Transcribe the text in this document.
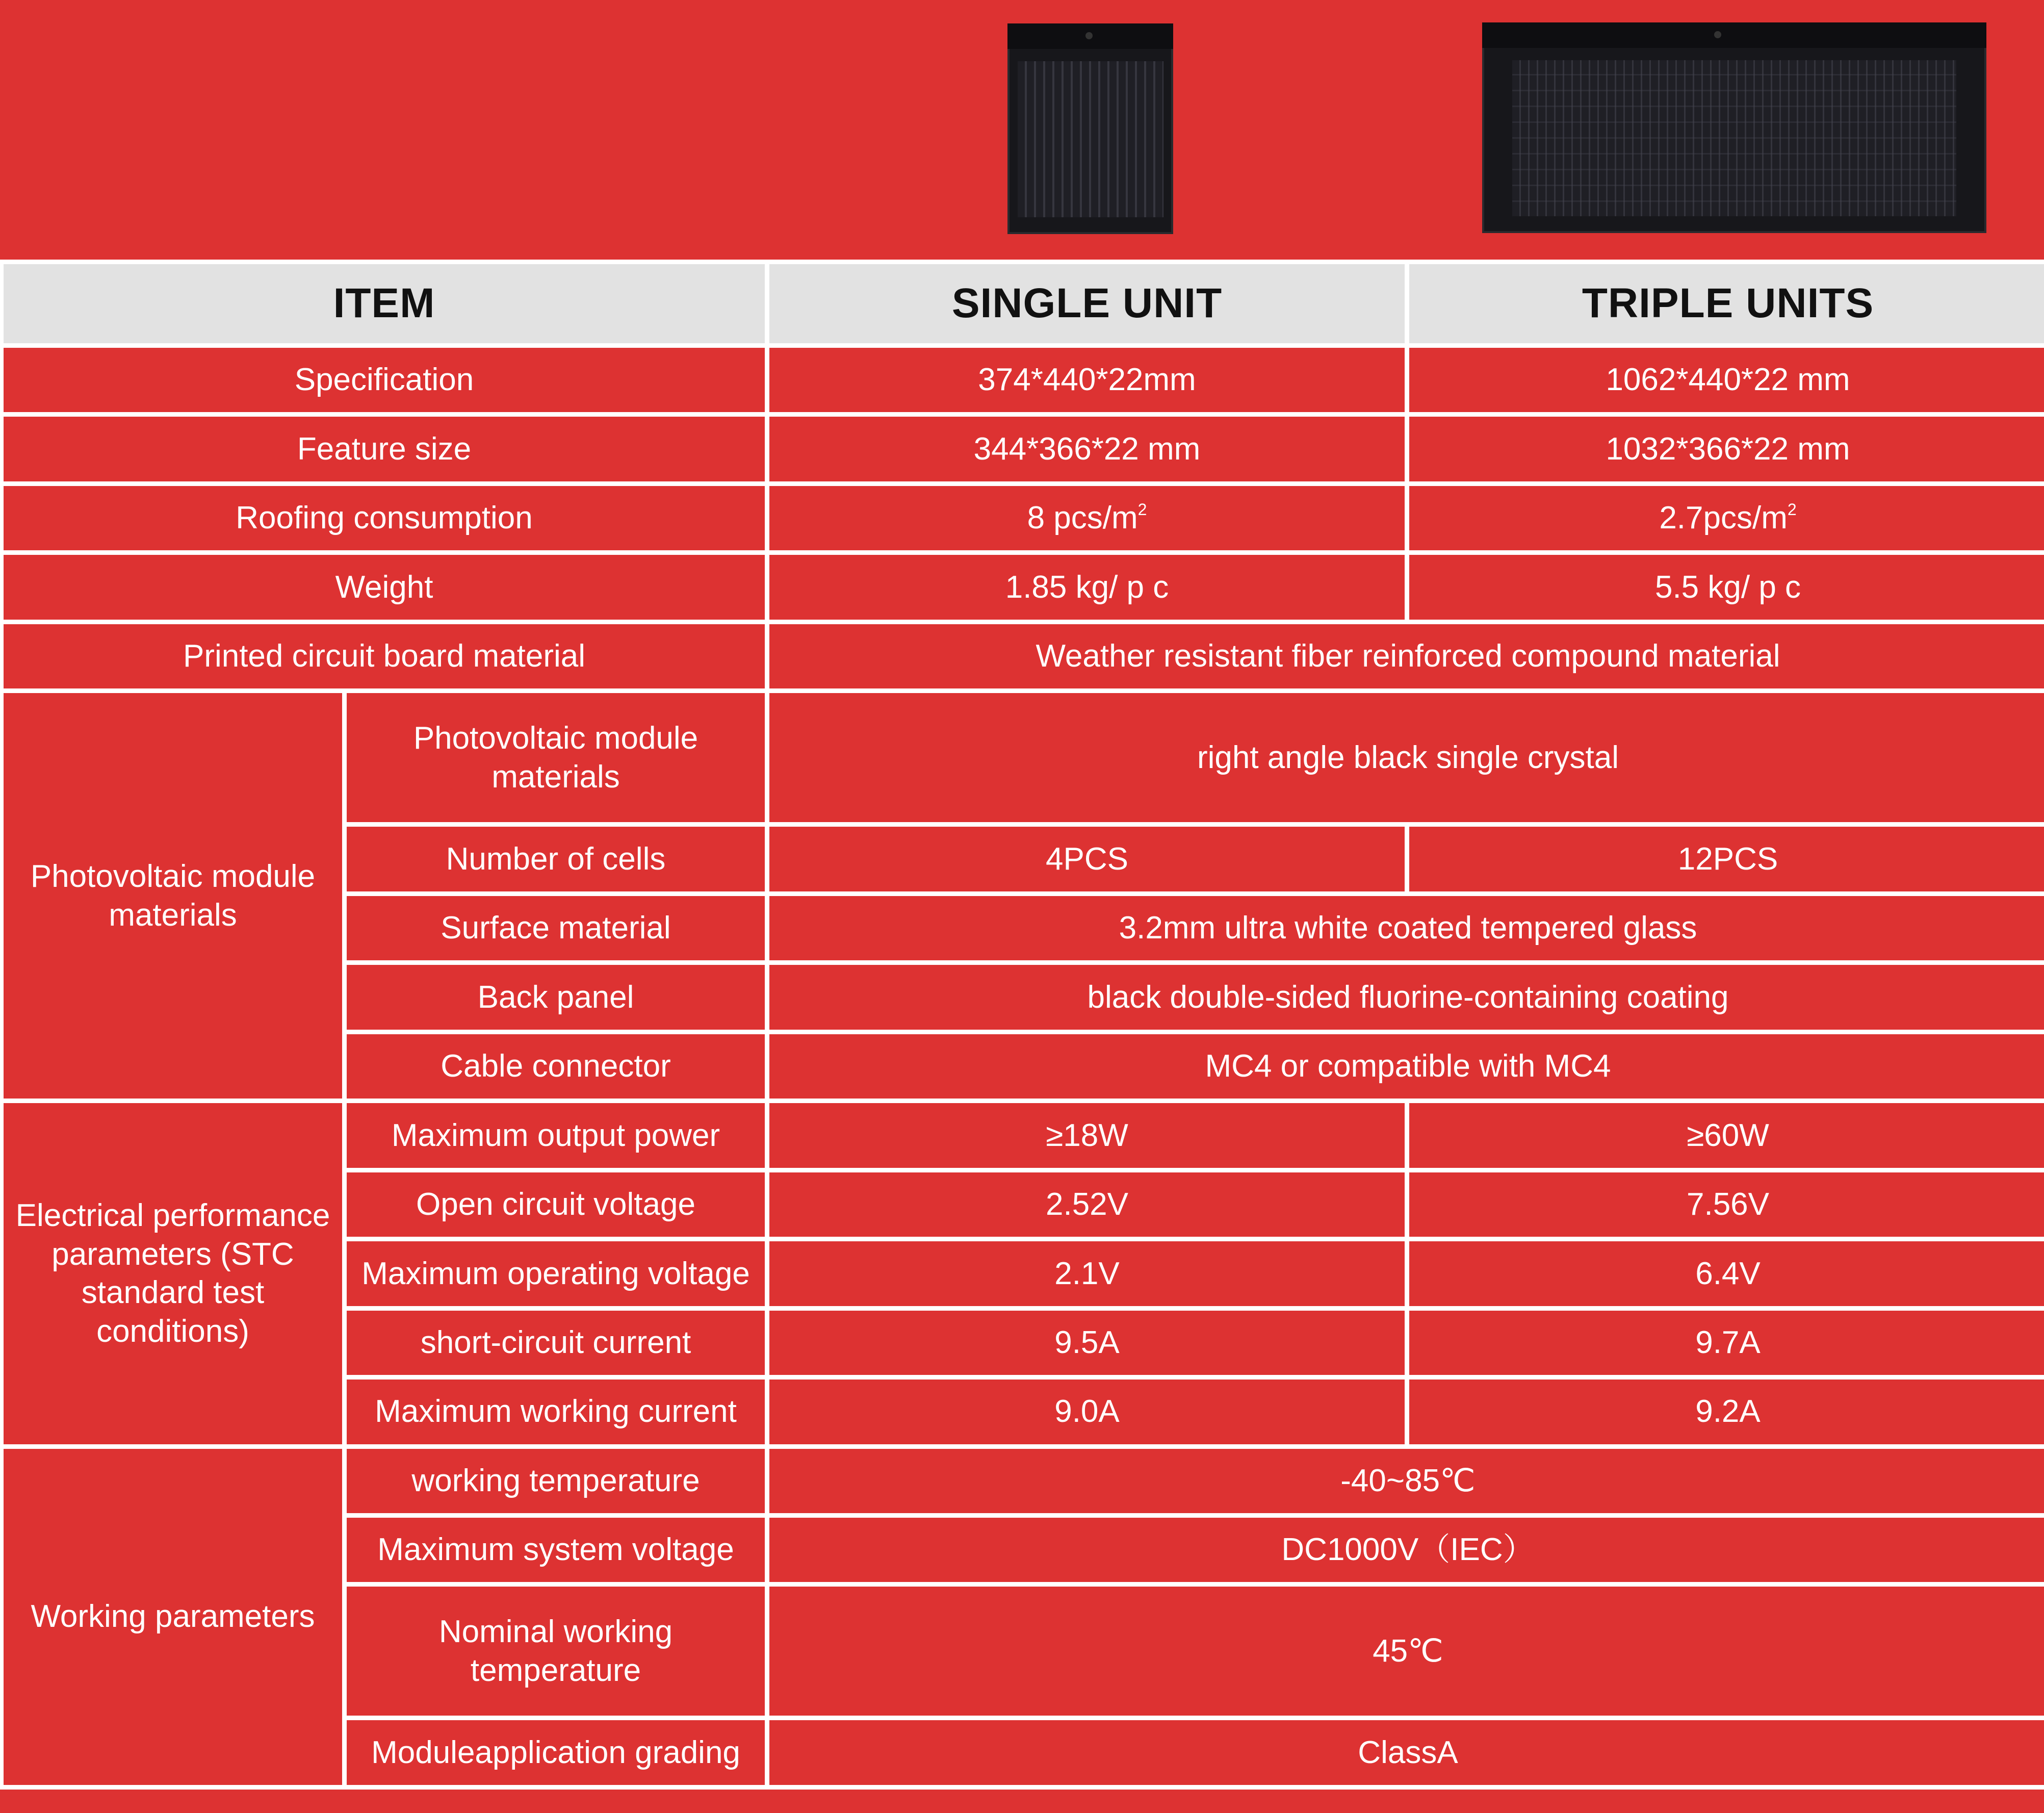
ITEM		SINGLE UNIT	TRIPLE UNITS
Specification		374*440*22mm	1062*440*22 mm
Feature size		344*366*22 mm	1032*366*22 mm
Roofing consumption		8 pcs/$m^2$	$2.7pcs/m^2$
Weight		1.85 kg/ p c	5.5 kg/ p c
Printed circuit board material		Weather resistant fiber reinforced compound material	
Photovoltaic module materials	Photovoltaic module materials	right angle black single crystal	
	Number of cells	4PCS	12PCS
	Surface material	3.2mm ultra white coated tempered glass	
	Back panel	black double-sided fluorine-containing coating	
	Cable connector	MC4 or compatible with MC4	
Electrical performance parameters (STC standard test conditions)	Maximum output power	≥18W	≥60W
	Open circuit voltage	2.52V	7.56V
	Maximum operating voltage	2.1V	6.4V
	short-circuit current	9.5A	9.7A
	Maximum working current	9.0A	9.2A
Working parameters	working temperature	-40~85℃	
	Maximum system voltage	DC1000V（IEC）	
	Nominal working temperature	45℃	
	Moduleapplication grading	ClassA	
